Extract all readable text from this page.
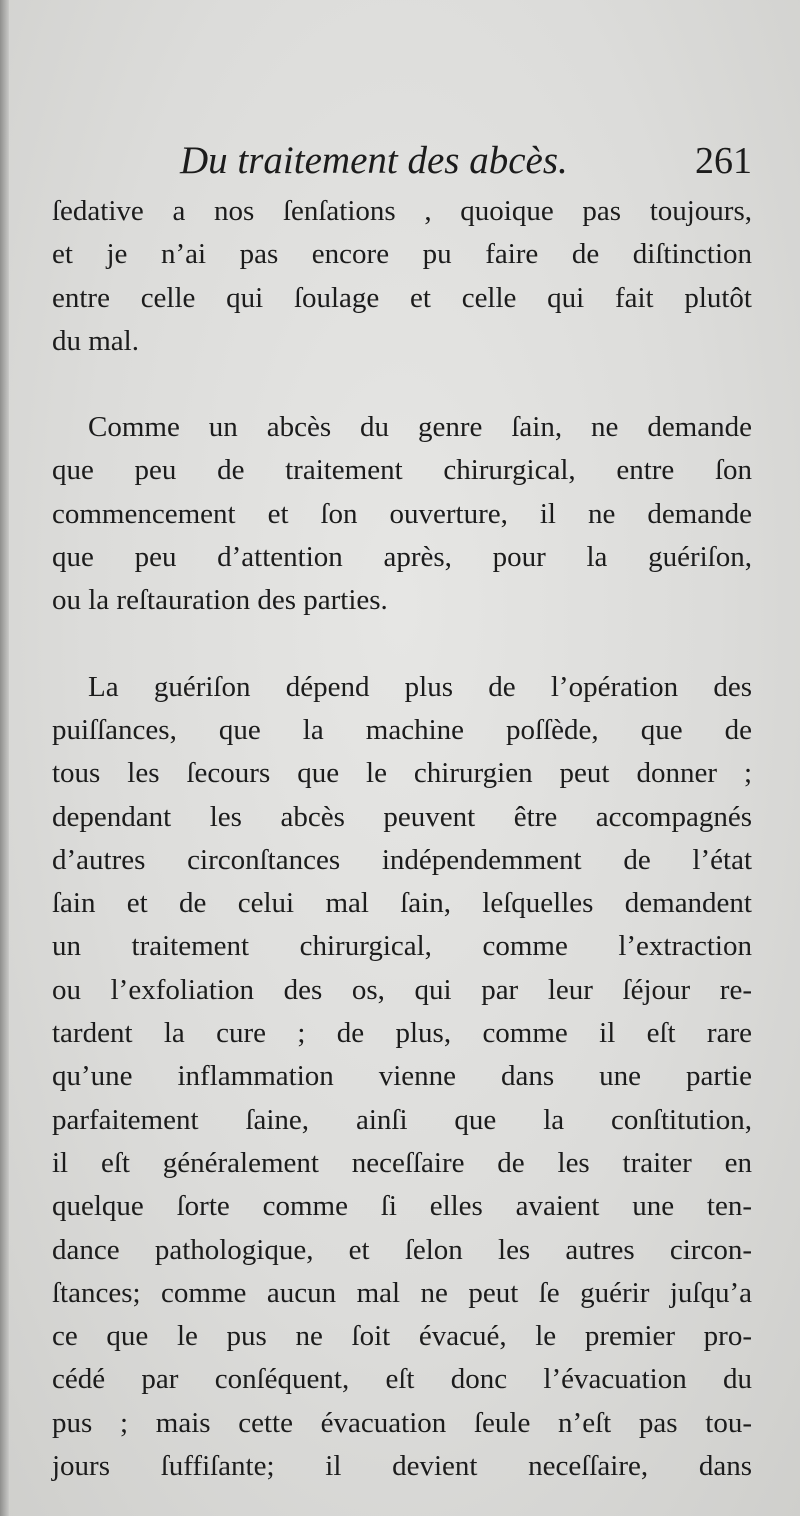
Du traitement des abcès.	261

ſedative a nos ſenſations , quoique pas toujours,
et je n’ai pas encore pu faire de diſtinction
entre celle qui ſoulage et celle qui fait plutôt
du mal.

Comme un abcès du genre ſain, ne demande
que peu de traitement chirurgical, entre ſon
commencement et ſon ouverture, il ne demande
que peu d’attention après, pour la guériſon,
ou la reſtauration des parties.

La guériſon dépend plus de l’opération des
puiſſances, que la machine poſſède, que de
tous les ſecours que le chirurgien peut donner ;
dependant les abcès peuvent être accompagnés
d’autres circonſtances indépendemment de l’état
ſain et de celui mal ſain, leſquelles demandent
un traitement chirurgical, comme l’extraction
ou l’exfoliation des os, qui par leur ſéjour re-
tardent la cure ; de plus, comme il eſt rare
qu’une inflammation vienne dans une partie
parfaitement ſaine, ainſi que la conſtitution,
il eſt généralement neceſſaire de les traiter en
quelque ſorte comme ſi elles avaient une ten-
dance pathologique, et ſelon les autres circon-
ſtances; comme aucun mal ne peut ſe guérir juſqu’a
ce que le pus ne ſoit évacué, le premier pro-
cédé par conſéquent, eſt donc l’évacuation du
pus ; mais cette évacuation ſeule n’eſt pas tou-
jours ſuffiſante; il devient neceſſaire, dans
